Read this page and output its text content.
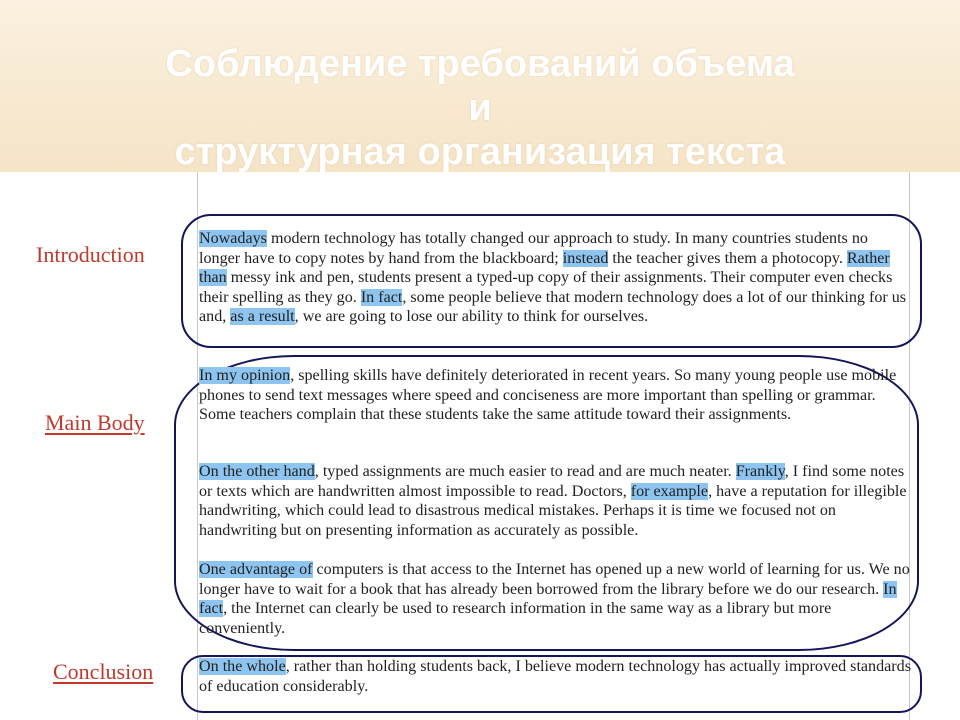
Соблюдение требований объема
и
структурная организация текста
Introduction
Main Body
Conclusion

Nowadays modern technology has totally changed our approach to study. In many countries students no longer have to copy notes by hand from the blackboard; instead the teacher gives them a photocopy. Rather than messy ink and pen, students present a typed-up copy of their assignments. Their computer even checks their spelling as they go. In fact, some people believe that modern technology does a lot of our thinking for us and, as a result, we are going to lose our ability to think for ourselves.

In my opinion, spelling skills have definitely deteriorated in recent years. So many young people use mobile phones to send text messages where speed and conciseness are more important than spelling or grammar. Some teachers complain that these students take the same attitude toward their assignments.

On the other hand, typed assignments are much easier to read and are much neater. Frankly, I find some notes or texts which are handwritten almost impossible to read. Doctors, for example, have a reputation for illegible handwriting, which could lead to disastrous medical mistakes. Perhaps it is time we focused not on handwriting but on presenting information as accurately as possible.

One advantage of computers is that access to the Internet has opened up a new world of learning for us. We no longer have to wait for a book that has already been borrowed from the library before we do our research. In fact, the Internet can clearly be used to research information in the same way as a library but more conveniently.

On the whole, rather than holding students back, I believe modern technology has actually improved standards of education considerably.
